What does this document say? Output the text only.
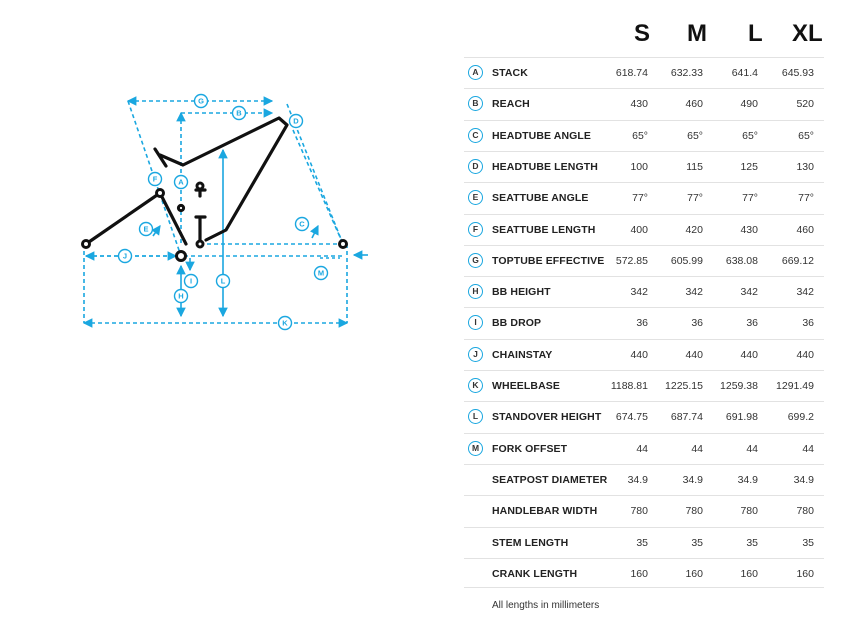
A
B
C
D
E
F
G
H
I
J
K
L
M
S M L XL
A	STACK	618.74	632.33	641.4	645.93
B	REACH	430	460	490	520
C	HEADTUBE ANGLE	65°	65°	65°	65°
D	HEADTUBE LENGTH	100	115	125	130
E	SEATTUBE ANGLE	77°	77°	77°	77°
F	SEATTUBE LENGTH	400	420	430	460
G	TOPTUBE EFFECTIVE	572.85	605.99	638.08	669.12
H	BB HEIGHT	342	342	342	342
I	BB DROP	36	36	36	36
J	CHAINSTAY	440	440	440	440
K	WHEELBASE	1188.81	1225.15	1259.38	1291.49
L	STANDOVER HEIGHT	674.75	687.74	691.98	699.2
M	FORK OFFSET	44	44	44	44
SEATPOST DIAMETER	34.9	34.9	34.9	34.9
HANDLEBAR WIDTH	780	780	780	780
STEM LENGTH	35	35	35	35
CRANK LENGTH	160	160	160	160
All lengths in millimeters
